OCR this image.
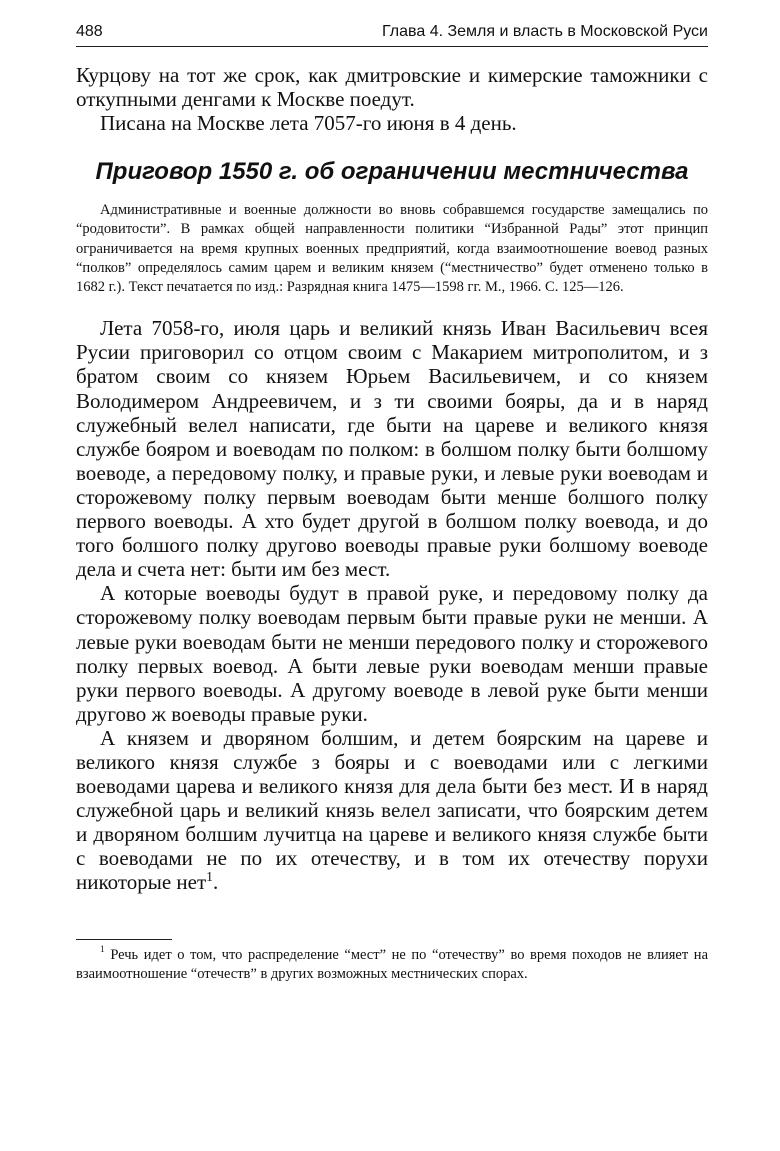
488	Глава 4. Земля и власть в Московской Руси

Курцову на тот же срок, как дмитровские и кимерские таможники с откупными денгами к Москве поедут.

Писана на Москве лета 7057-го июня в 4 день.

Приговор 1550 г. об ограничении местничества

Административные и военные должности во вновь собравшемся государстве замещались по “родовитости”. В рамках общей направленности политики “Избранной Рады” этот принцип ограничивается на время крупных военных предприятий, когда взаимоотношение воевод разных “полков” определялось самим царем и великим князем (“местничество” будет отменено только в 1682 г.). Текст печатается по изд.: Разрядная книга 1475—1598 гг. М., 1966. С. 125—126.

Лета 7058-го, июля царь и великий князь Иван Васильевич всея Русии приговорил со отцом своим с Макарием митрополитом, и з братом своим со князем Юрьем Васильевичем, и со князем Володимером Андреевичем, и з ти своими бояры, да и в наряд служебный велел написати, где быти на цареве и великого князя службе бояром и воеводам по полком: в болшом полку быти болшому воеводе, а передовому полку, и правые руки, и левые руки воеводам и сторожевому полку первым воеводам быти менше болшого полку первого воеводы. А хто будет другой в болшом полку воевода, и до того болшого полку другово воеводы правые руки болшому воеводе дела и счета нет: быти им без мест.

А которые воеводы будут в правой руке, и передовому полку да сторожевому полку воеводам первым быти правые руки не менши. А левые руки воеводам быти не менши передового полку и сторожевого полку первых воевод. А быти левые руки воеводам менши правые руки первого воеводы. А другому воеводе в левой руке быти менши другово ж воеводы правые руки.

А князем и дворяном болшим, и детем боярским на цареве и великого князя службе з бояры и с воеводами или с легкими воеводами царева и великого князя для дела быти без мест. И в наряд служебной царь и великий князь велел записати, что боярским детем и дворяном болшим лучитца на цареве и великого князя службе быти с воеводами не по их отечеству, и в том их отечеству порухи никоторые нет$^1$.

$^1$ Речь идет о том, что распределение “мест” не по “отечеству” во время походов не влияет на взаимоотношение “отечеств” в других возможных местнических спорах.
